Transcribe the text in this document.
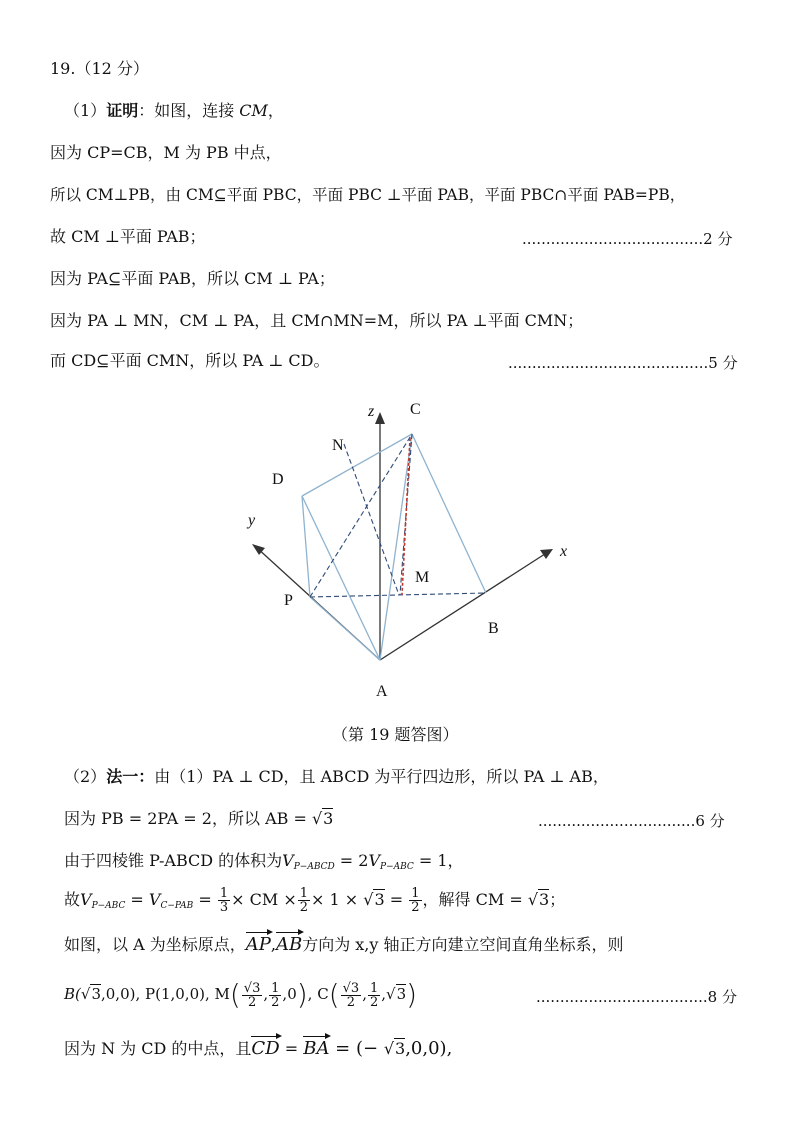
19.（12 分）
（1）证明：如图，连接 CM，
因为 CP=CB，M 为 PB 中点，
所以 CM⊥PB，由 CM⊆平面 PBC，平面 PBC ⊥平面 PAB，平面 PBC∩平面 PAB=PB，
故 CM ⊥平面 PAB；	......................................2 分
因为 PA⊆平面 PAB，所以 CM ⊥ PA；
因为 PA ⊥ MN，CM ⊥ PA，且 CM∩MN=M，所以 PA ⊥平面 CMN；
而 CD⊆平面 CMN，所以 PA ⊥ CD。	..........................................5 分
z C
N
D
y
x
M
P
B
A
（第 19 题答图）
（2）法一：由（1）PA ⊥ CD，且 ABCD 为平行四边形，所以 PA ⊥ AB，
因为 PB = 2PA = 2，所以 AB = √3	.................................6 分
由于四棱锥 P-ABCD 的体积为$V_{P-ABCD} = 2V_{P-ABC} = 1$，
故$V_{P-ABC} = V_{C-PAB} = \frac{1}{3}$ × CM × $\frac{1}{2} \times 1 \times √3 = \frac{1}{2}$ ，解得 CM = √3；
如图，以 A 为坐标原点，AP,AB方向为 x,y 轴正方向建立空间直角坐标系，则
B(√3,0,0), P(1,0,0), $M( \frac{√3}{2}$ , $\frac{1}{2} ,0$), $C( \frac{√3}{2}$ , $\frac{1}{2} ,√3$)	....................................8 分
因为 N 为 CD 的中点，且CD = BA = (− √3,0,0),
